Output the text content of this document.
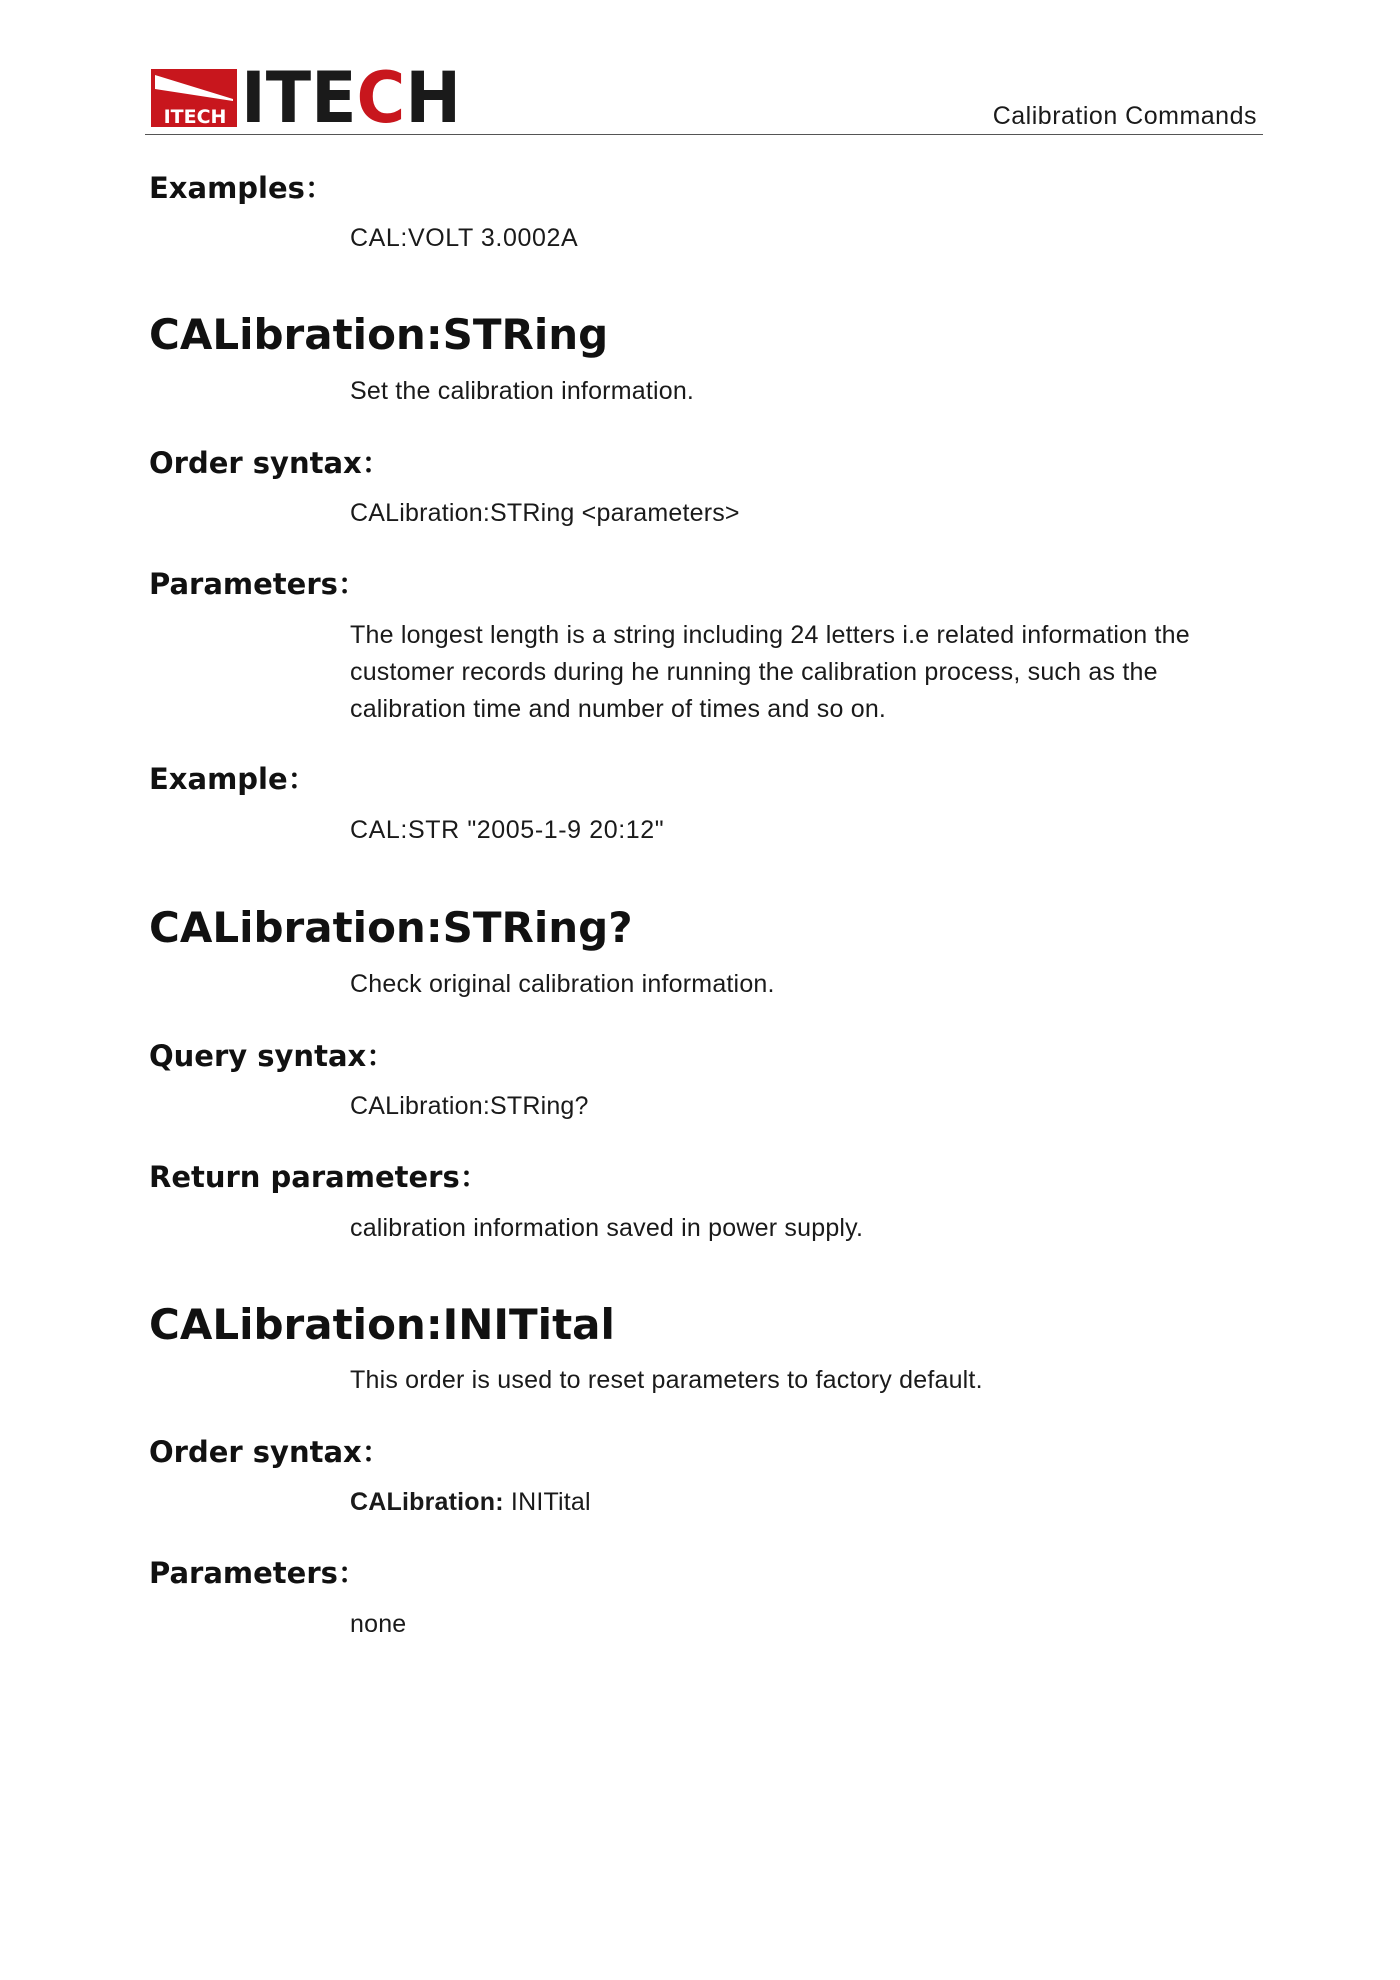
ITECH ITECH	Calibration Commands
Examples：
CAL:VOLT 3.0002A
CALibration:STRing
Set the calibration information.
Order syntax：
CALibration:STRing <parameters>
Parameters：
The longest length is a string including 24 letters i.e related information the
customer records during he running the calibration process, such as the
calibration time and number of times and so on.
Example：
CAL:STR "2005-1-9 20:12"
CALibration:STRing?
Check original calibration information.
Query syntax：
CALibration:STRing?
Return parameters：
calibration information saved in power supply.
CALibration:INITital
This order is used to reset parameters to factory default.
Order syntax：
CALibration: INITital
Parameters：
none
